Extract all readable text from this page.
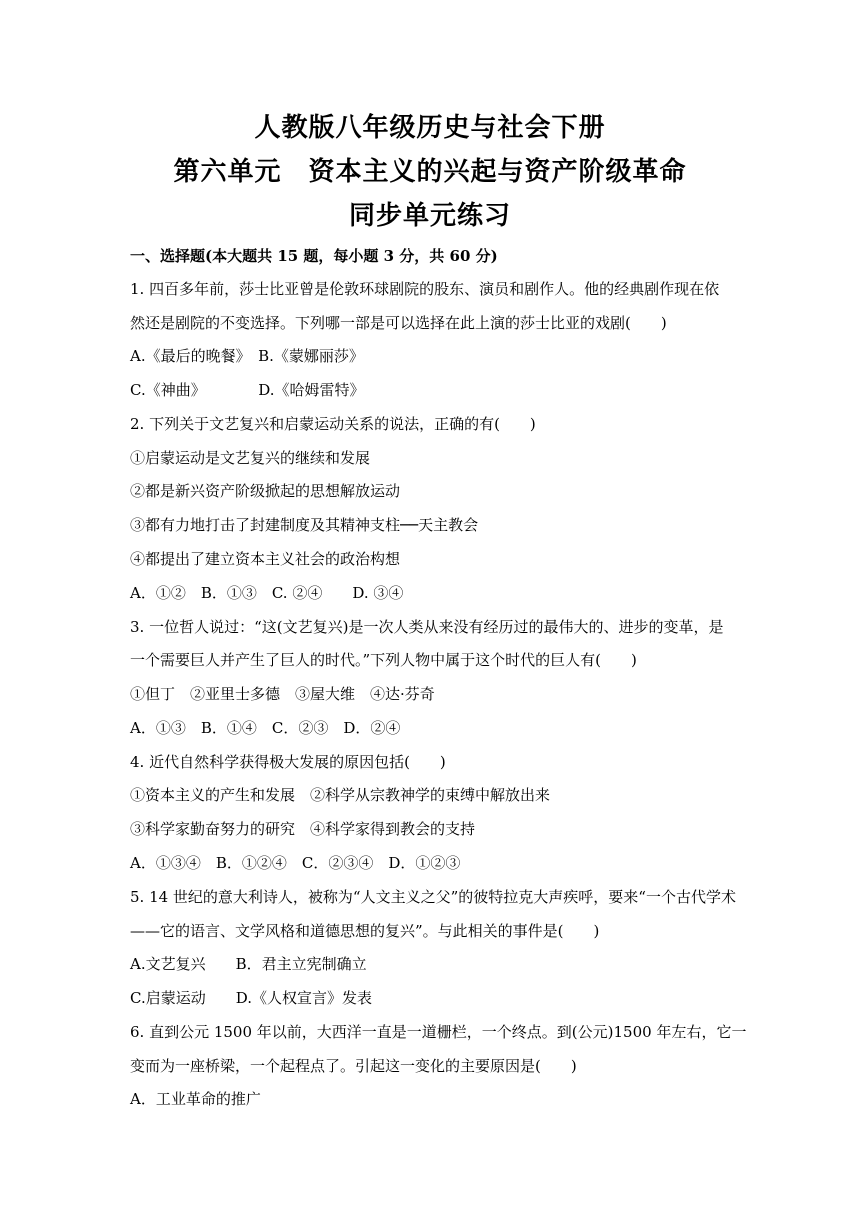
人教版八年级历史与社会下册
第六单元　资本主义的兴起与资产阶级革命
同步单元练习
一、选择题(本大题共 15 题，每小题 3 分，共 60 分)
1. 四百多年前，莎士比亚曾是伦敦环球剧院的股东、演员和剧作人。他的经典剧作现在依
然还是剧院的不变选择。下列哪一部是可以选择在此上演的莎士比亚的戏剧(　　)
A.《最后的晚餐》　B.《蒙娜丽莎》
C.《神曲》　　　　D.《哈姆雷特》
2. 下列关于文艺复兴和启蒙运动关系的说法，正确的有(　　)
①启蒙运动是文艺复兴的继续和发展
②都是新兴资产阶级掀起的思想解放运动
③都有力地打击了封建制度及其精神支柱──天主教会
④都提出了建立资本主义社会的政治构想
A．①②　B．①③　C. ②④　　D. ③④
3. 一位哲人说过：“这(文艺复兴)是一次人类从来没有经历过的最伟大的、进步的变革，是
一个需要巨人并产生了巨人的时代。”下列人物中属于这个时代的巨人有(　　)
①但丁　②亚里士多德　③屋大维　④达·芬奇
A．①③　B．①④　C．②③　D．②④
4. 近代自然科学获得极大发展的原因包括(　　)
①资本主义的产生和发展　②科学从宗教神学的束缚中解放出来
③科学家勤奋努力的研究　④科学家得到教会的支持
A．①③④　B．①②④　C．②③④　D．①②③
5. 14 世纪的意大利诗人，被称为“人文主义之父”的彼特拉克大声疾呼，要来“一个古代学术
——它的语言、文学风格和道德思想的复兴”。与此相关的事件是(　　)
A.文艺复兴　　B．君主立宪制确立
C.启蒙运动　　D.《人权宣言》发表
6. 直到公元 1500 年以前，大西洋一直是一道栅栏，一个终点。到(公元)1500 年左右，它一
变而为一座桥梁，一个起程点了。引起这一变化的主要原因是(　　)
A．工业革命的推广
